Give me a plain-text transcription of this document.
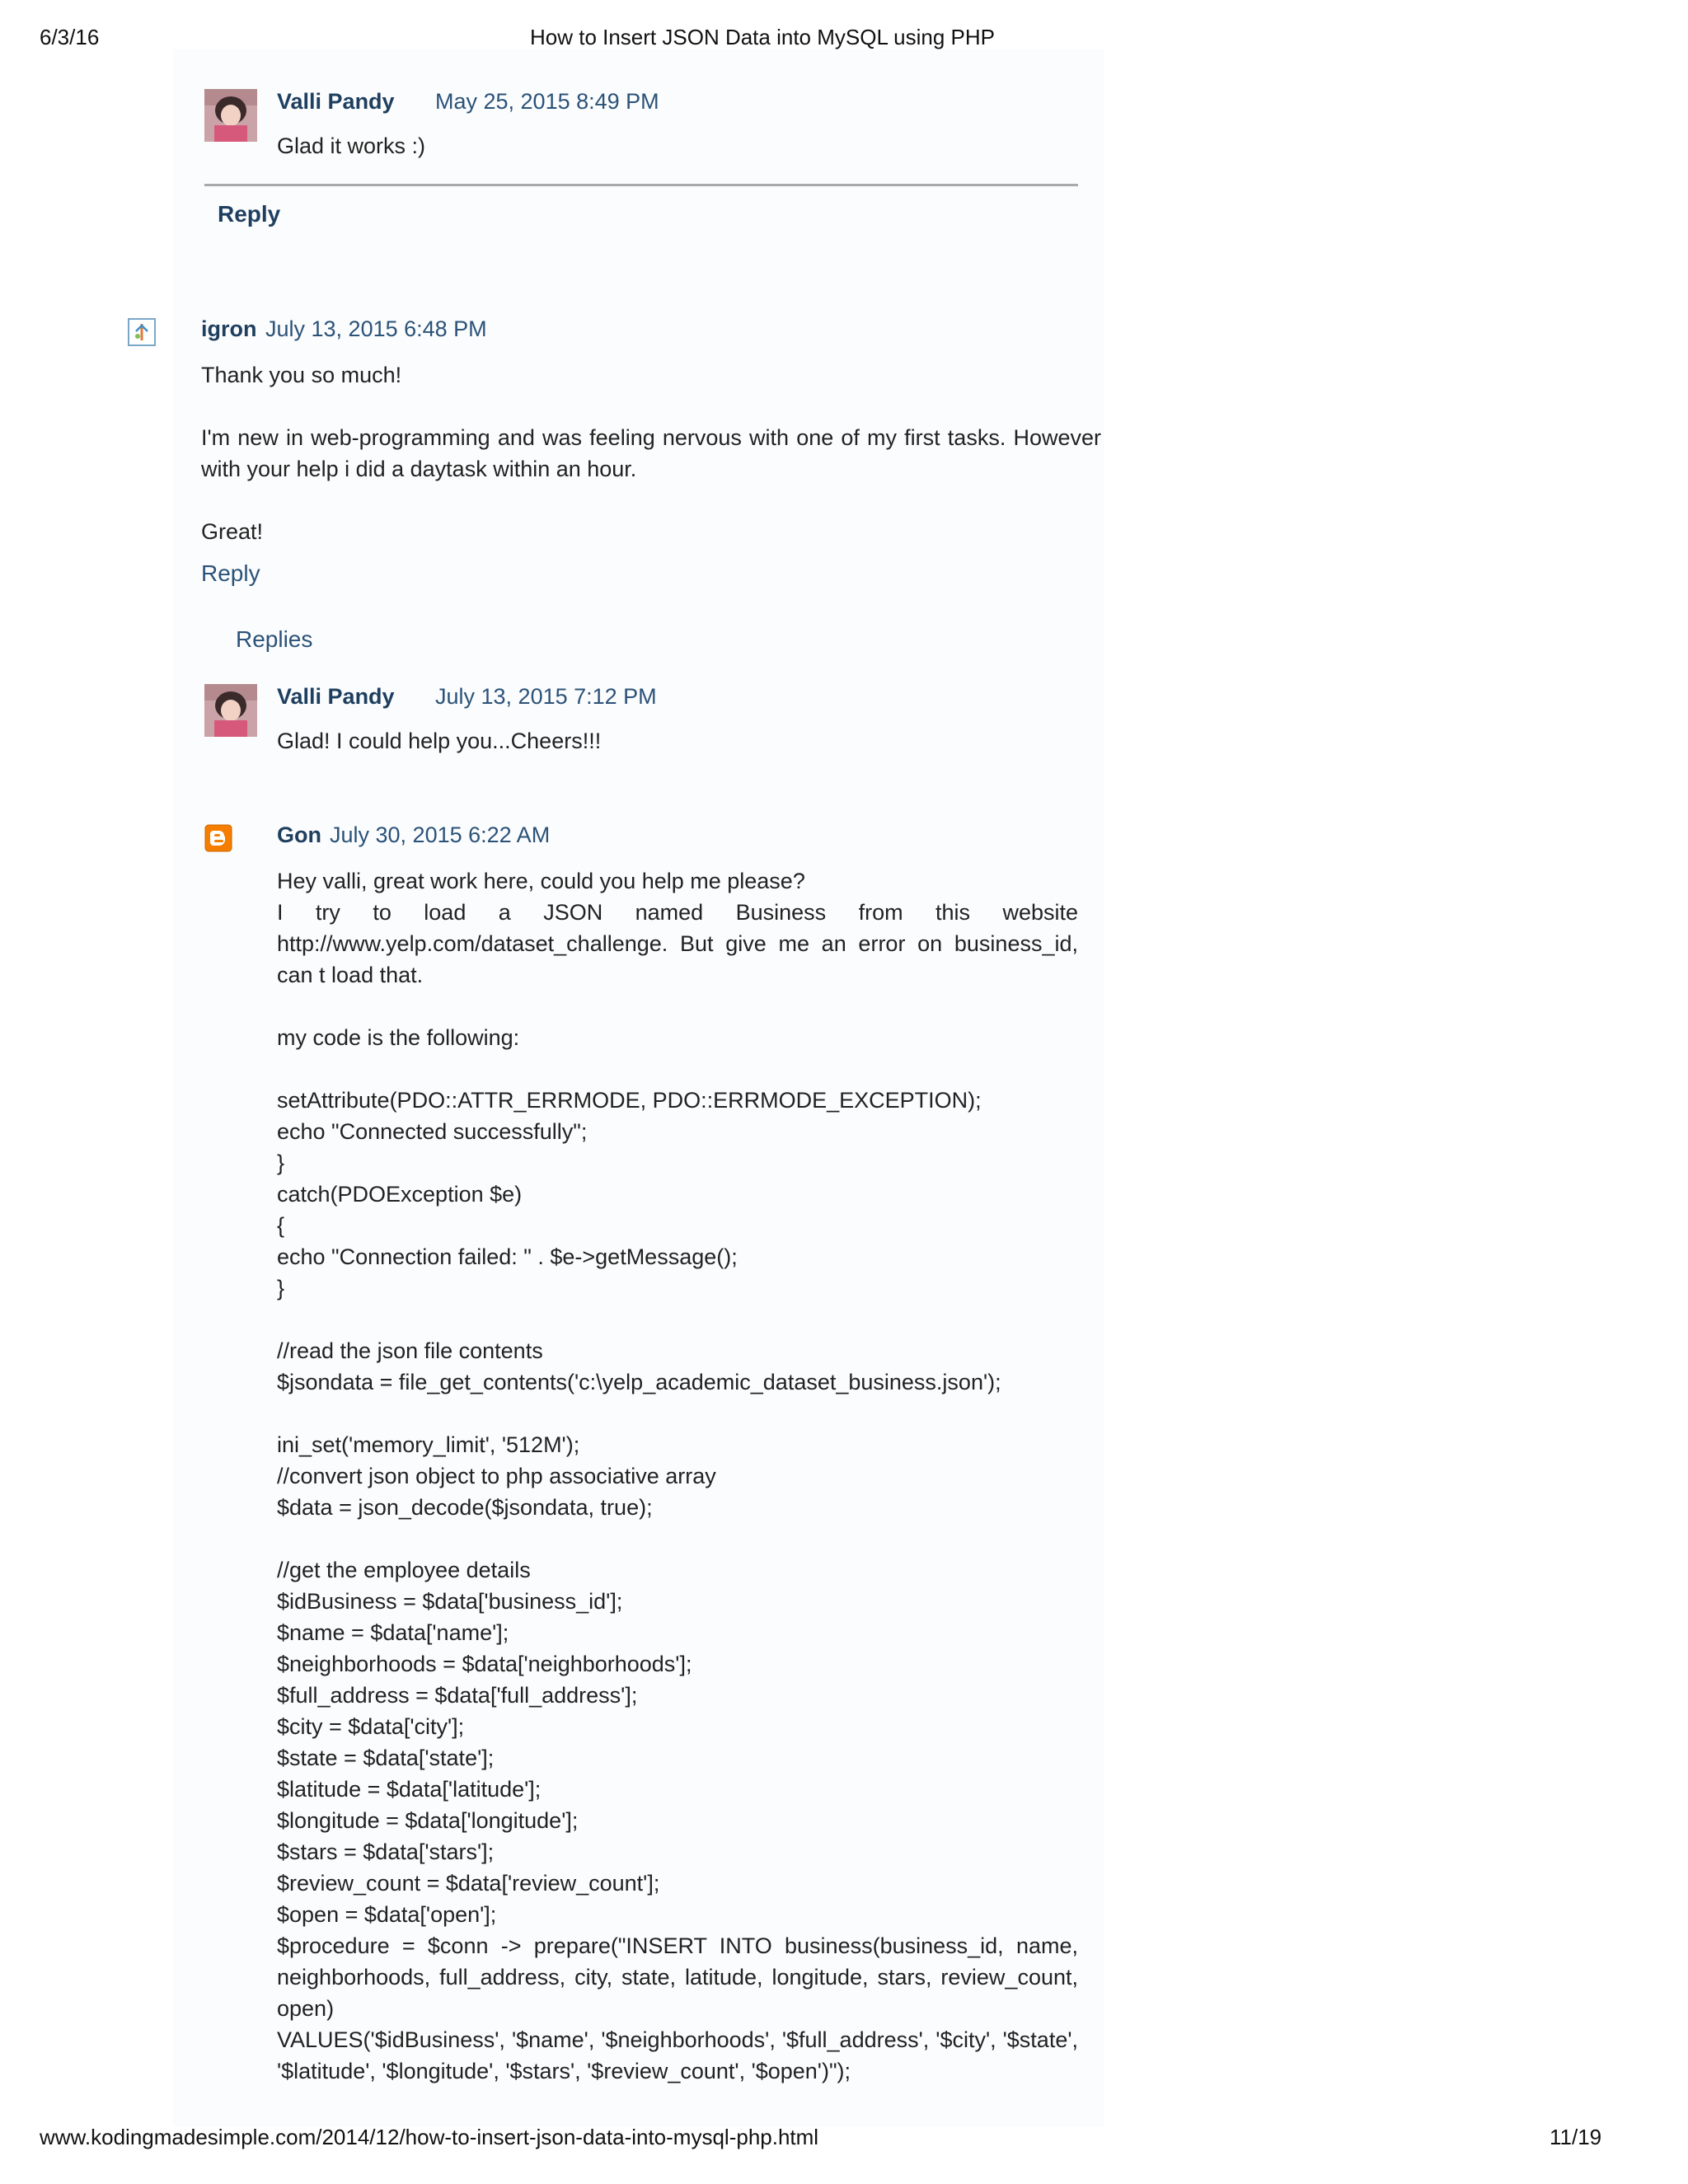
6/3/16	How to Insert JSON Data into MySQL using PHP
Valli Pandy May 25, 2015 8:49 PM
Glad it works :)
Reply
igron July 13, 2015 6:48 PM
Thank you so much!
I'm new in web-programming and was feeling nervous with one of my first tasks. However with your help i did a daytask within an hour.
Great!
Reply
Replies
Valli Pandy July 13, 2015 7:12 PM
Glad! I could help you...Cheers!!!
Gon July 30, 2015 6:22 AM
Hey valli, great work here, could you help me please?
I try to load a JSON named Business from this website http://www.yelp.com/dataset_challenge. But give me an error on business_id, can t load that.
my code is the following:
setAttribute(PDO::ATTR_ERRMODE, PDO::ERRMODE_EXCEPTION);
echo "Connected successfully";
}
catch(PDOException $e)
{
echo "Connection failed: " . $e->getMessage();
}
//read the json file contents
$jsondata = file_get_contents('c:\yelp_academic_dataset_business.json');
ini_set('memory_limit', '512M');
//convert json object to php associative array
$data = json_decode($jsondata, true);
//get the employee details
$idBusiness = $data['business_id'];
$name = $data['name'];
$neighborhoods = $data['neighborhoods'];
$full_address = $data['full_address'];
$city = $data['city'];
$state = $data['state'];
$latitude = $data['latitude'];
$longitude = $data['longitude'];
$stars = $data['stars'];
$review_count = $data['review_count'];
$open = $data['open'];
$procedure = $conn -> prepare("INSERT INTO business(business_id, name, neighborhoods, full_address, city, state, latitude, longitude, stars, review_count, open)
VALUES('$idBusiness', '$name', '$neighborhoods', '$full_address', '$city', '$state', '$latitude', '$longitude', '$stars', '$review_count', '$open')");
www.kodingmadesimple.com/2014/12/how-to-insert-json-data-into-mysql-php.html	11/19
